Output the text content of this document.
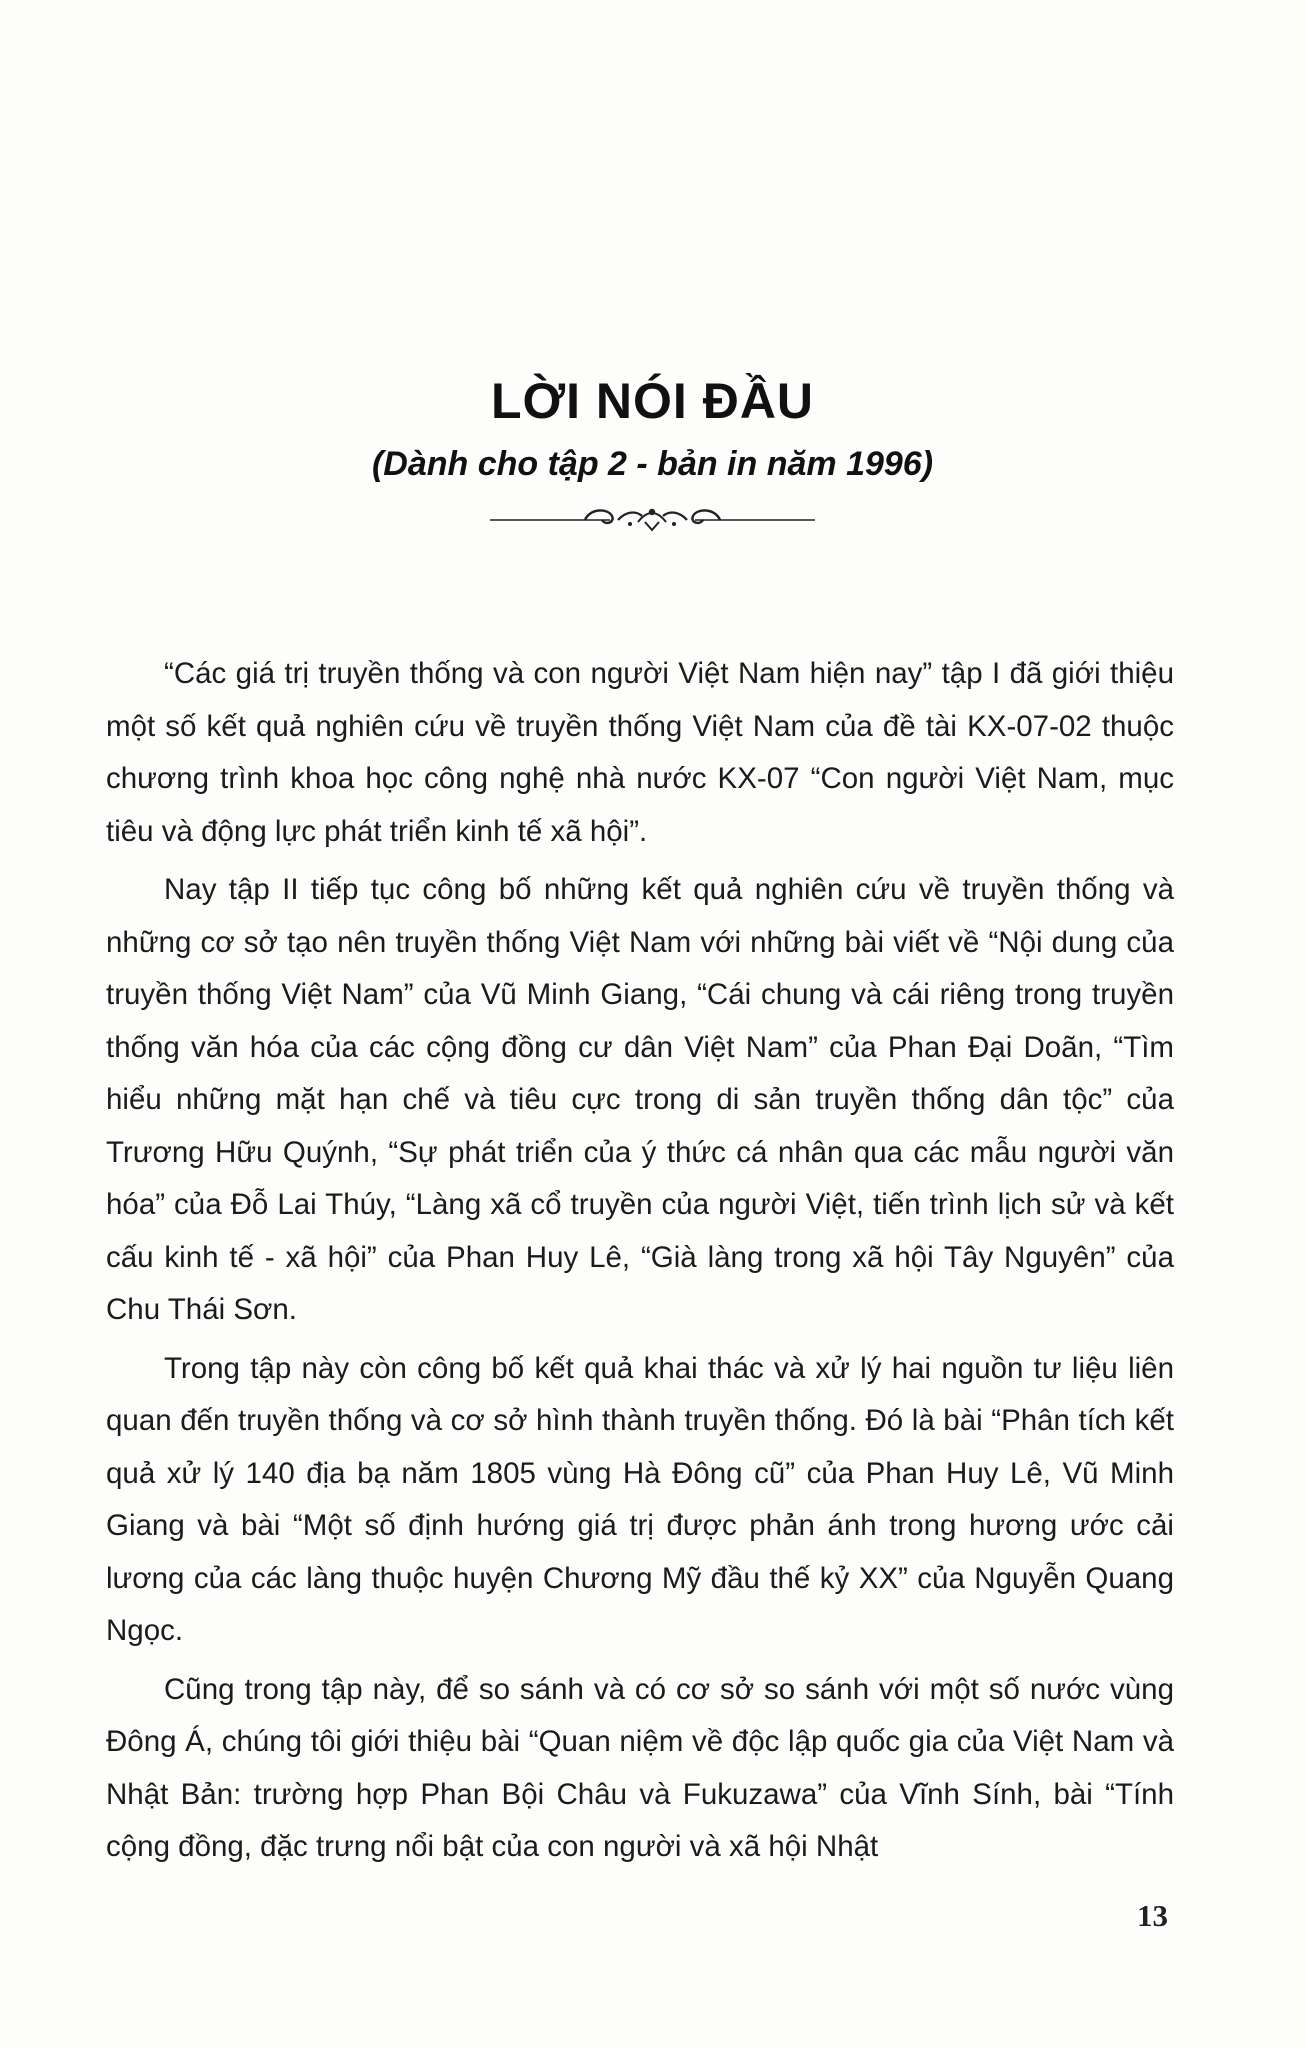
LỜI NÓI ĐẦU
(Dành cho tập 2 - bản in năm 1996)

“Các giá trị truyền thống và con người Việt Nam hiện nay” tập I đã giới thiệu một số kết quả nghiên cứu về truyền thống Việt Nam của đề tài KX-07-02 thuộc chương trình khoa học công nghệ nhà nước KX-07 “Con người Việt Nam, mục tiêu và động lực phát triển kinh tế xã hội”.

Nay tập II tiếp tục công bố những kết quả nghiên cứu về truyền thống và những cơ sở tạo nên truyền thống Việt Nam với những bài viết về “Nội dung của truyền thống Việt Nam” của Vũ Minh Giang, “Cái chung và cái riêng trong truyền thống văn hóa của các cộng đồng cư dân Việt Nam” của Phan Đại Doãn, “Tìm hiểu những mặt hạn chế và tiêu cực trong di sản truyền thống dân tộc” của Trương Hữu Quýnh, “Sự phát triển của ý thức cá nhân qua các mẫu người văn hóa” của Đỗ Lai Thúy, “Làng xã cổ truyền của người Việt, tiến trình lịch sử và kết cấu kinh tế - xã hội” của Phan Huy Lê, “Già làng trong xã hội Tây Nguyên” của Chu Thái Sơn.

Trong tập này còn công bố kết quả khai thác và xử lý hai nguồn tư liệu liên quan đến truyền thống và cơ sở hình thành truyền thống. Đó là bài “Phân tích kết quả xử lý 140 địa bạ năm 1805 vùng Hà Đông cũ” của Phan Huy Lê, Vũ Minh Giang và bài “Một số định hướng giá trị được phản ánh trong hương ước cải lương của các làng thuộc huyện Chương Mỹ đầu thế kỷ XX” của Nguyễn Quang Ngọc.

Cũng trong tập này, để so sánh và có cơ sở so sánh với một số nước vùng Đông Á, chúng tôi giới thiệu bài “Quan niệm về độc lập quốc gia của Việt Nam và Nhật Bản: trường hợp Phan Bội Châu và Fukuzawa” của Vĩnh Sính, bài “Tính cộng đồng, đặc trưng nổi bật của con người và xã hội Nhật

13
